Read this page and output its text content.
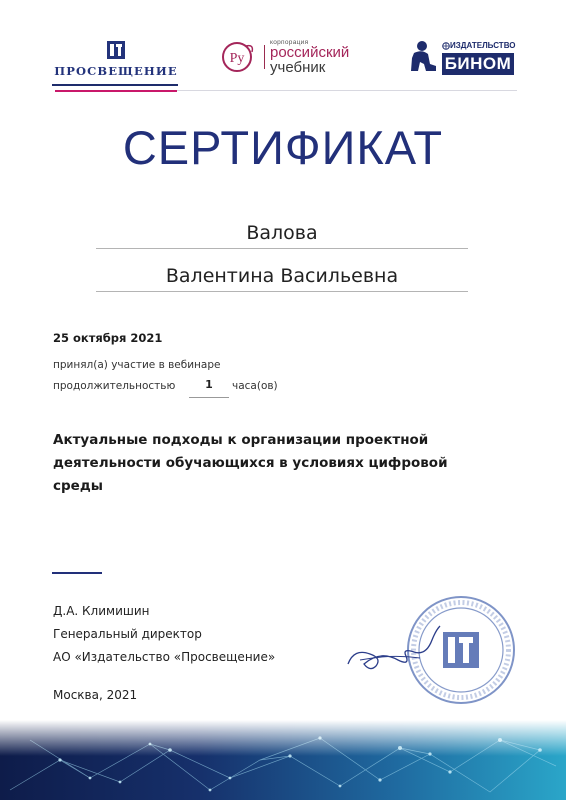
ПРОСВЕЩЕНИЕ
Ру
корпорация
российский
учебник
ИЗДАТЕЛЬСТВО
БИНОМ
СЕРТИФИКАТ
Валова
Валентина Васильевна
25 октября 2021
принял(а) участие в вебинаре
продолжительностью	1	часа(ов)
Актуальные подходы к организации проектной
деятельности обучающихся в условиях цифровой
среды
Д.А. Климишин
Генеральный директор
АО «Издательство «Просвещение»
Москва, 2021
